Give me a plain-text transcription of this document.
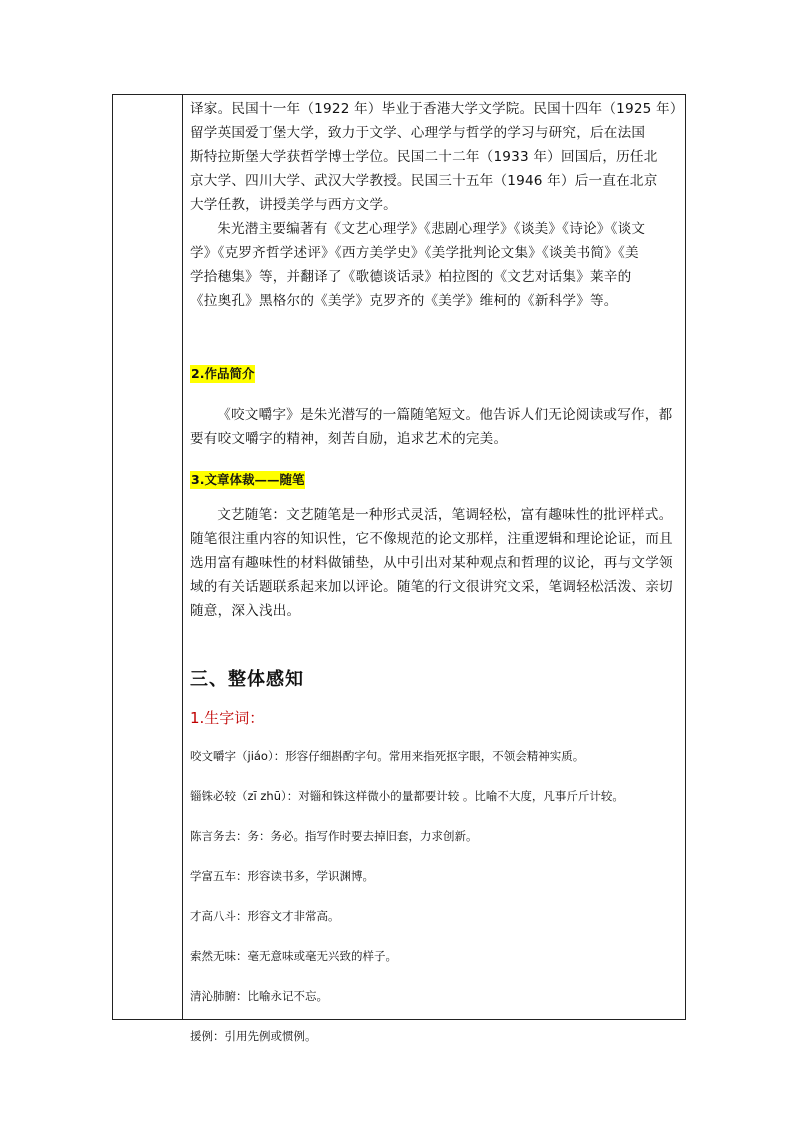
译家。民国十一年（1922 年）毕业于香港大学文学院。民国十四年（1925 年）

留学英国爱丁堡大学，致力于文学、心理学与哲学的学习与研究，后在法国

斯特拉斯堡大学获哲学博士学位。民国二十二年（1933 年）回国后，历任北

京大学、四川大学、武汉大学教授。民国三十五年（1946 年）后一直在北京

大学任教，讲授美学与西方文学。

朱光潜主要编著有《文艺心理学》《悲剧心理学》《谈美》《诗论》《谈文

学》《克罗齐哲学述评》《西方美学史》《美学批判论文集》《谈美书简》《美

学拾穗集》等，并翻译了《歌德谈话录》柏拉图的《文艺对话集》莱辛的

《拉奥孔》黑格尔的《美学》克罗齐的《美学》维柯的《新科学》等。

2.作品简介

《咬文嚼字》是朱光潜写的一篇随笔短文。他告诉人们无论阅读或写作，都

要有咬文嚼字的精神，刻苦自励，追求艺术的完美。

3.文章体裁——随笔

文艺随笔：文艺随笔是一种形式灵活，笔调轻松，富有趣味性的批评样式。

随笔很注重内容的知识性，它不像规范的论文那样，注重逻辑和理论论证，而且

选用富有趣味性的材料做铺垫，从中引出对某种观点和哲理的议论，再与文学领

域的有关话题联系起来加以评论。随笔的行文很讲究文采，笔调轻松活泼、亲切

随意，深入浅出。

三、整体感知

1.生字词：

咬文嚼字（jiáo）：形容仔细斟酌字句。常用来指死抠字眼，不领会精神实质。

锱铢必较（zī zhū）：对锱和铢这样微小的量都要计较 。比喻不大度，凡事斤斤计较。

陈言务去：务：务必。指写作时要去掉旧套，力求创新。

学富五车：形容读书多，学识渊博。

才高八斗：形容文才非常高。

索然无味：毫无意味或毫无兴致的样子。

清沁肺腑：比喻永记不忘。

援例：引用先例或惯例。
